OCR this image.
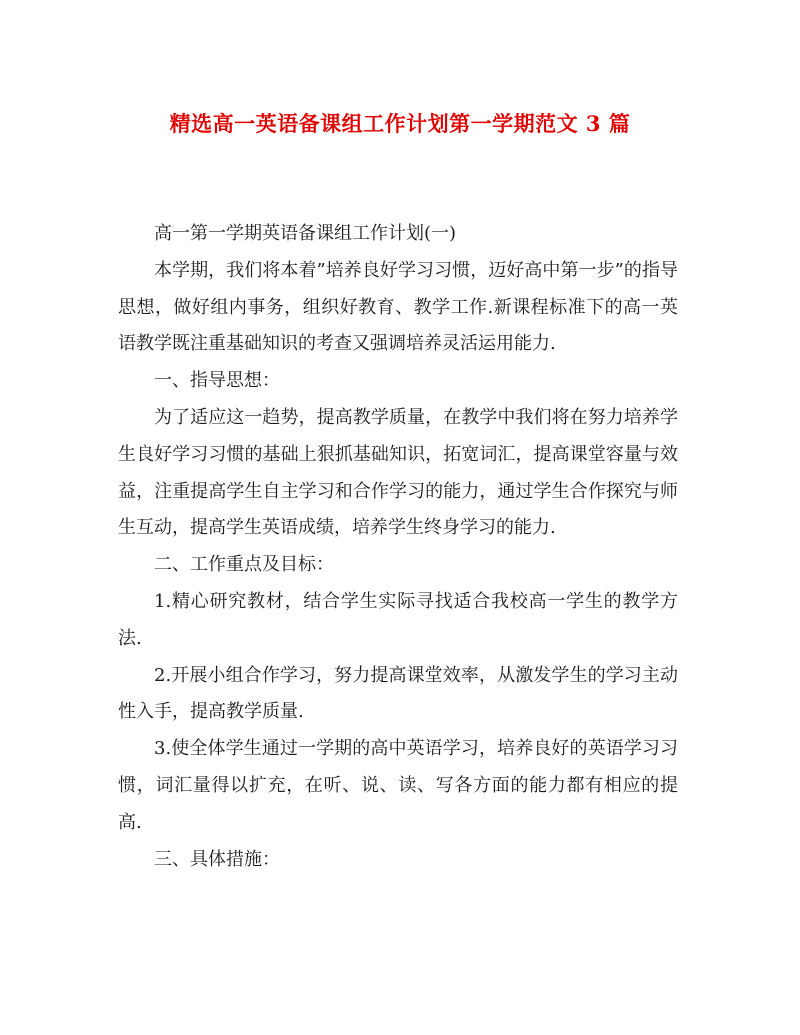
精选高一英语备课组工作计划第一学期范文 3 篇

高一第一学期英语备课组工作计划(一)

本学期，我们将本着”培养良好学习习惯，迈好高中第一步”的指导思想，做好组内事务，组织好教育、教学工作.新课程标准下的高一英语教学既注重基础知识的考查又强调培养灵活运用能力.

一、指导思想：

为了适应这一趋势，提高教学质量，在教学中我们将在努力培养学生良好学习习惯的基础上狠抓基础知识，拓宽词汇，提高课堂容量与效益，注重提高学生自主学习和合作学习的能力，通过学生合作探究与师生互动，提高学生英语成绩，培养学生终身学习的能力.

二、工作重点及目标：

1.精心研究教材，结合学生实际寻找适合我校高一学生的教学方法.

2.开展小组合作学习，努力提高课堂效率，从激发学生的学习主动性入手，提高教学质量.

3.使全体学生通过一学期的高中英语学习，培养良好的英语学习习惯，词汇量得以扩充，在听、说、读、写各方面的能力都有相应的提高.

三、具体措施：
